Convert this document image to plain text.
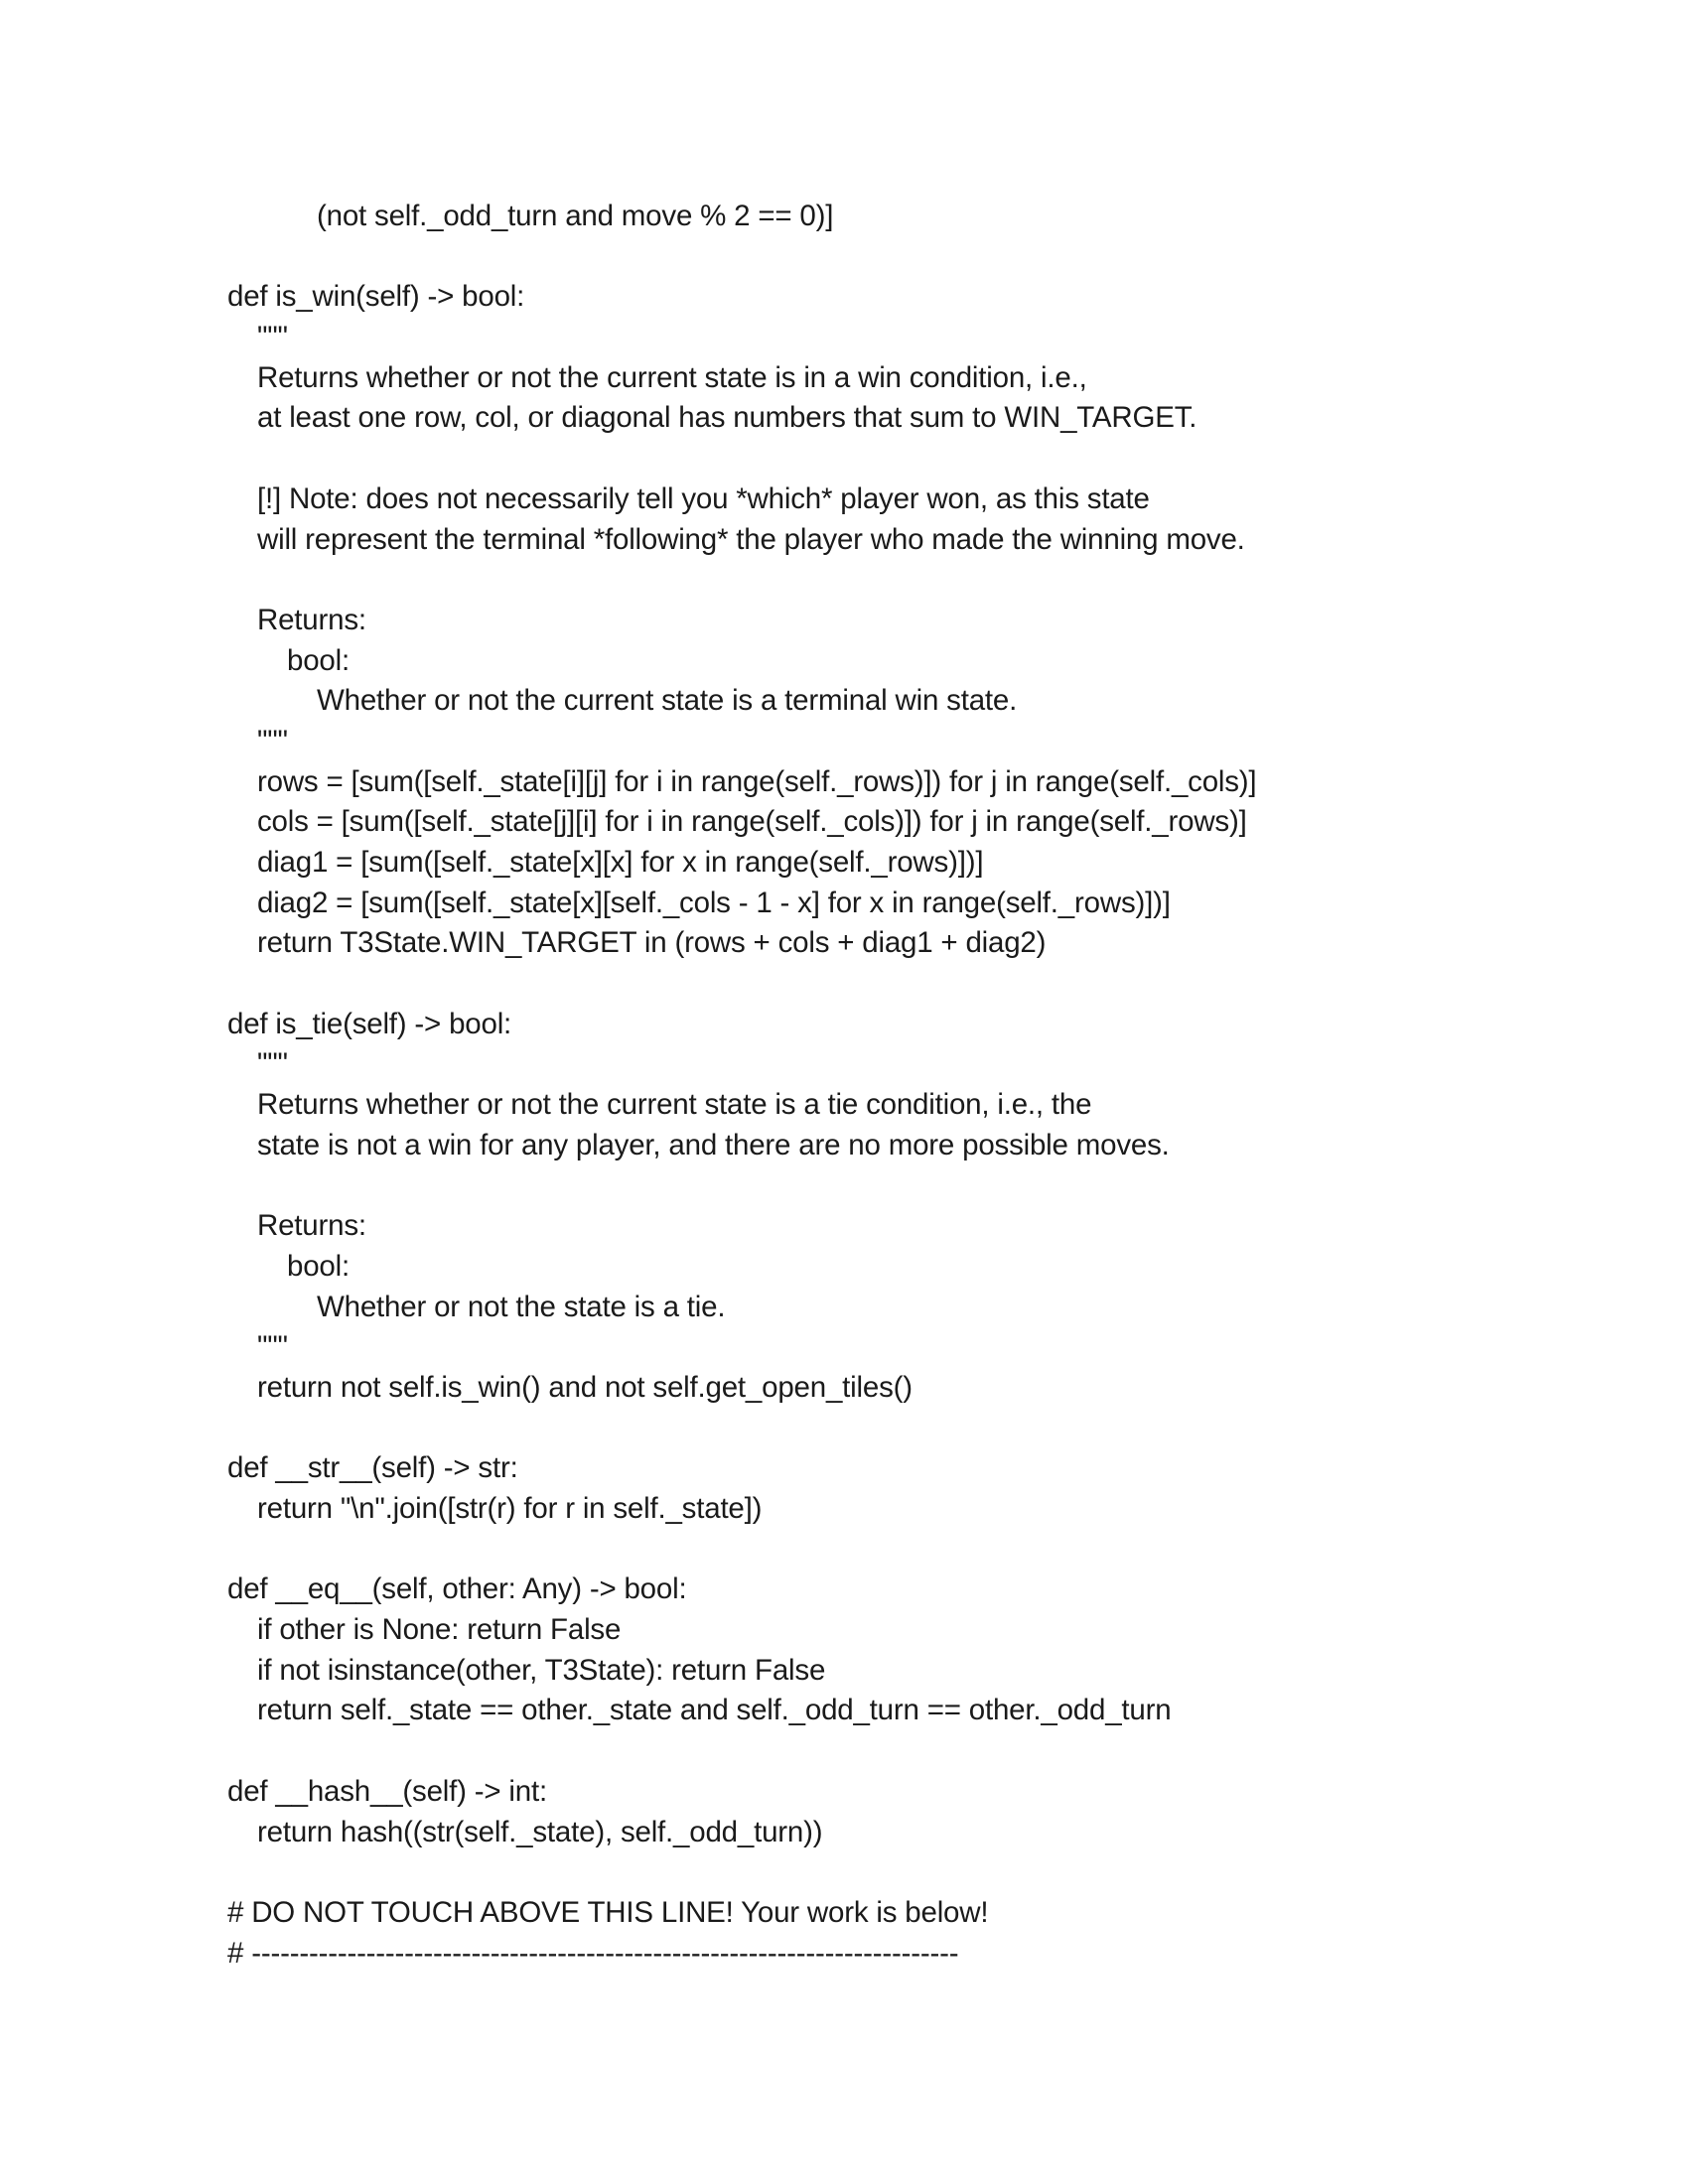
(not self._odd_turn and move % 2 == 0)]
def is_win(self) -> bool:
"""
Returns whether or not the current state is in a win condition, i.e.,
at least one row, col, or diagonal has numbers that sum to WIN_TARGET.
[!] Note: does not necessarily tell you *which* player won, as this state
will represent the terminal *following* the player who made the winning move.
Returns:
bool:
Whether or not the current state is a terminal win state.
"""
rows = [sum([self._state[i][j] for i in range(self._rows)]) for j in range(self._cols)]
cols = [sum([self._state[j][i] for i in range(self._cols)]) for j in range(self._rows)]
diag1 = [sum([self._state[x][x] for x in range(self._rows)])]
diag2 = [sum([self._state[x][self._cols - 1 - x] for x in range(self._rows)])]
return T3State.WIN_TARGET in (rows + cols + diag1 + diag2)
def is_tie(self) -> bool:
"""
Returns whether or not the current state is a tie condition, i.e., the
state is not a win for any player, and there are no more possible moves.
Returns:
bool:
Whether or not the state is a tie.
"""
return not self.is_win() and not self.get_open_tiles()
def __str__(self) -> str:
return "\n".join([str(r) for r in self._state])
def __eq__(self, other: Any) -> bool:
if other is None: return False
if not isinstance(other, T3State): return False
return self._state == other._state and self._odd_turn == other._odd_turn
def __hash__(self) -> int:
return hash((str(self._state), self._odd_turn))
# DO NOT TOUCH ABOVE THIS LINE! Your work is below!
# --------------------------------------------------------------------------
